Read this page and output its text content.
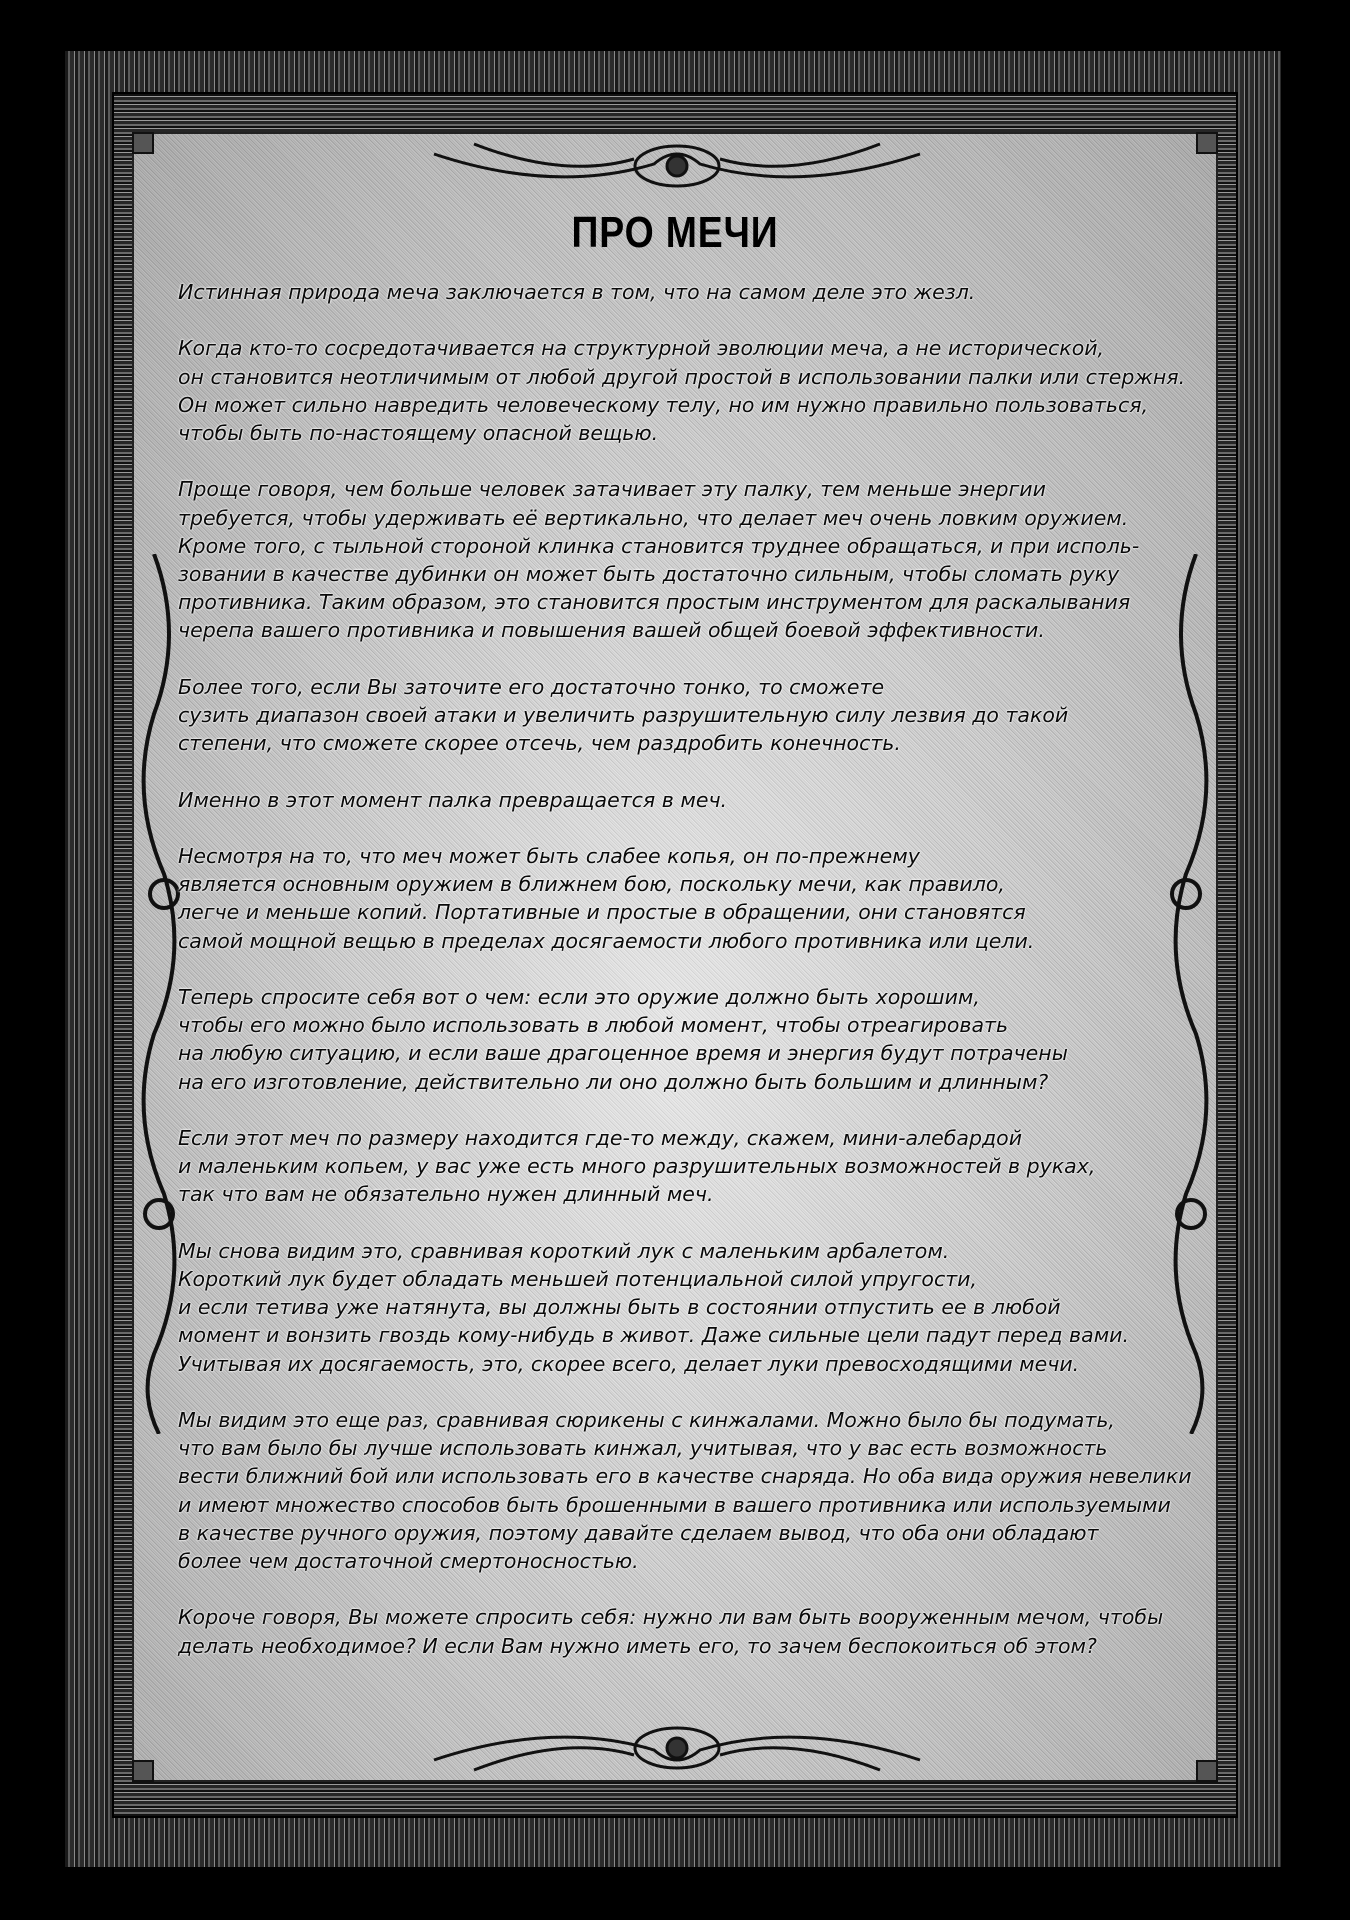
ПРО МЕЧИ
Истинная природа меча заключается в том, что на самом деле это жезл.
Когда кто-то сосредотачивается на структурной эволюции меча, а не исторической,
он становится неотличимым от любой другой простой в использовании палки или стержня.
Он может сильно навредить человеческому телу, но им нужно правильно пользоваться,
чтобы быть по-настоящему опасной вещью.
Проще говоря, чем больше человек затачивает эту палку, тем меньше энергии
требуется, чтобы удерживать её вертикально, что делает меч очень ловким оружием.
Кроме того, с тыльной стороной клинка становится труднее обращаться, и при исполь-
зовании в качестве дубинки он может быть достаточно сильным, чтобы сломать руку
противника. Таким образом, это становится простым инструментом для раскалывания
черепа вашего противника и повышения вашей общей боевой эффективности.
Более того, если Вы заточите его достаточно тонко, то сможете
сузить диапазон своей атаки и увеличить разрушительную силу лезвия до такой
степени, что сможете скорее отсечь, чем раздробить конечность.
Именно в этот момент палка превращается в меч.
Несмотря на то, что меч может быть слабее копья, он по-прежнему
является основным оружием в ближнем бою, поскольку мечи, как правило,
легче и меньше копий. Портативные и простые в обращении, они становятся
самой мощной вещью в пределах досягаемости любого противника или цели.
Теперь спросите себя вот о чем: если это оружие должно быть хорошим,
чтобы его можно было использовать в любой момент, чтобы отреагировать
на любую ситуацию, и если ваше драгоценное время и энергия будут потрачены
на его изготовление, действительно ли оно должно быть большим и длинным?
Если этот меч по размеру находится где-то между, скажем, мини-алебардой
и маленьким копьем, у вас уже есть много разрушительных возможностей в руках,
так что вам не обязательно нужен длинный меч.
Мы снова видим это, сравнивая короткий лук с маленьким арбалетом.
Короткий лук будет обладать меньшей потенциальной силой упругости,
и если тетива уже натянута, вы должны быть в состоянии отпустить ее в любой
момент и вонзить гвоздь кому-нибудь в живот. Даже сильные цели падут перед вами.
Учитывая их досягаемость, это, скорее всего, делает луки превосходящими мечи.
Мы видим это еще раз, сравнивая сюрикены с кинжалами. Можно было бы подумать,
что вам было бы лучше использовать кинжал, учитывая, что у вас есть возможность
вести ближний бой или использовать его в качестве снаряда. Но оба вида оружия невелики
и имеют множество способов быть брошенными в вашего противника или используемыми
в качестве ручного оружия, поэтому давайте сделаем вывод, что оба они обладают
более чем достаточной смертоносностью.
Короче говоря, Вы можете спросить себя: нужно ли вам быть вооруженным мечом, чтобы
делать необходимое? И если Вам нужно иметь его, то зачем беспокоиться об этом?
